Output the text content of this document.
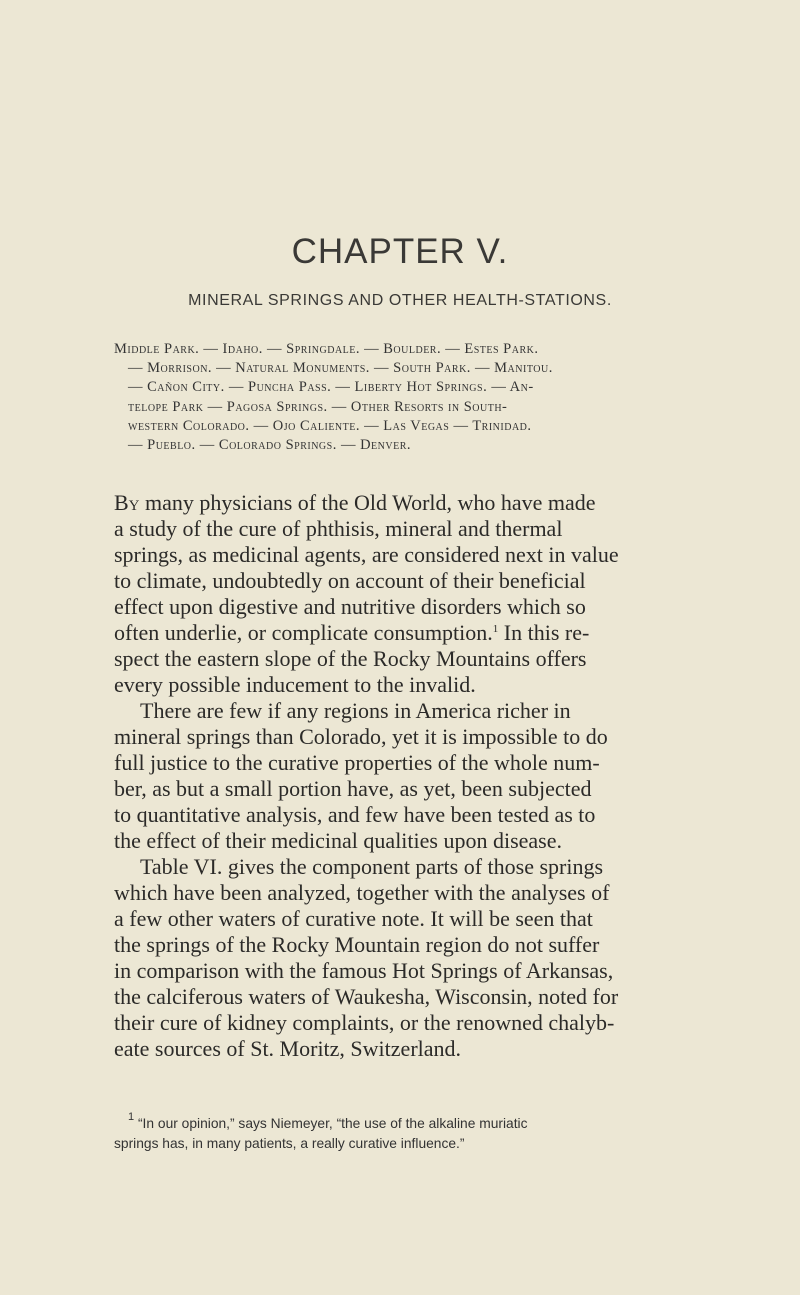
CHAPTER V.
MINERAL SPRINGS AND OTHER HEALTH-STATIONS.
Middle Park. — Idaho. — Springdale. — Boulder. — Estes Park.
— Morrison. — Natural Monuments. — South Park. — Manitou.
— Cañon City. — Puncha Pass. — Liberty Hot Springs. — An-
telope Park — Pagosa Springs. — Other Resorts in South-
western Colorado. — Ojo Caliente. — Las Vegas — Trinidad.
— Pueblo. — Colorado Springs. — Denver.
By many physicians of the Old World, who have made
a study of the cure of phthisis, mineral and thermal
springs, as medicinal agents, are considered next in value
to climate, undoubtedly on account of their beneficial
effect upon digestive and nutritive disorders which so
often underlie, or complicate consumption.$^1$ In this re-
spect the eastern slope of the Rocky Mountains offers
every possible inducement to the invalid.
There are few if any regions in America richer in
mineral springs than Colorado, yet it is impossible to do
full justice to the curative properties of the whole num-
ber, as but a small portion have, as yet, been subjected
to quantitative analysis, and few have been tested as to
the effect of their medicinal qualities upon disease.
Table VI. gives the component parts of those springs
which have been analyzed, together with the analyses of
a few other waters of curative note. It will be seen that
the springs of the Rocky Mountain region do not suffer
in comparison with the famous Hot Springs of Arkansas,
the calciferous waters of Waukesha, Wisconsin, noted for
their cure of kidney complaints, or the renowned chalyb-
eate sources of St. Moritz, Switzerland.
$^1$ “In our opinion,” says Niemeyer, “the use of the alkaline muriatic
springs has, in many patients, a really curative influence.”
